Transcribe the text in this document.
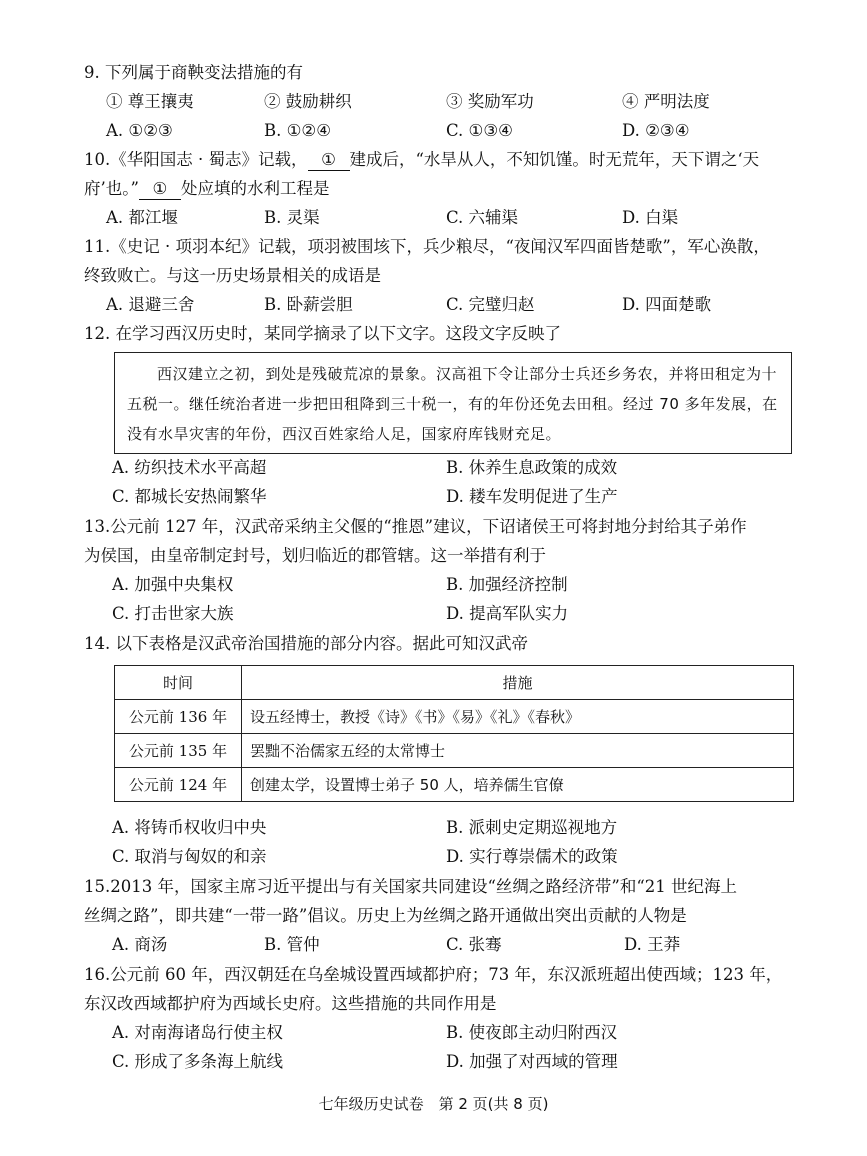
9. 下列属于商鞅变法措施的有
① 尊王攘夷	② 鼓励耕织	③ 奖励军功	④ 严明法度
A. ①②③	B. ①②④	C. ①③④	D. ②③④
10.《华阳国志 · 蜀志》记载， ① 建成后，“水旱从人，不知饥馑。时无荒年，天下谓之‘天
府’也。” ① 处应填的水利工程是
A. 都江堰	B. 灵渠	C. 六辅渠	D. 白渠
11.《史记 · 项羽本纪》记载，项羽被围垓下，兵少粮尽，“夜闻汉军四面皆楚歌”，军心涣散，
终致败亡。与这一历史场景相关的成语是
A. 退避三舍	B. 卧薪尝胆	C. 完璧归赵	D. 四面楚歌
12. 在学习西汉历史时，某同学摘录了以下文字。这段文字反映了

西汉建立之初，到处是残破荒凉的景象。汉高祖下令让部分士兵还乡务农，并将田租定为十五税一。继任统治者进一步把田租降到三十税一，有的年份还免去田租。经过 70 多年发展，在没有水旱灾害的年份，西汉百姓家给人足，国家府库钱财充足。

A. 纺织技术水平高超	B. 休养生息政策的成效
C. 都城长安热闹繁华	D. 耧车发明促进了生产
13.公元前 127 年，汉武帝采纳主父偃的“推恩”建议，下诏诸侯王可将封地分封给其子弟作
为侯国，由皇帝制定封号，划归临近的郡管辖。这一举措有利于
A. 加强中央集权	B. 加强经济控制
C. 打击世家大族	D. 提高军队实力
14. 以下表格是汉武帝治国措施的部分内容。据此可知汉武帝
时间	措施
公元前 136 年	设五经博士，教授《诗》《书》《易》《礼》《春秋》
公元前 135 年	罢黜不治儒家五经的太常博士
公元前 124 年	创建太学，设置博士弟子 50 人，培养儒生官僚
A. 将铸币权收归中央	B. 派刺史定期巡视地方
C. 取消与匈奴的和亲	D. 实行尊崇儒术的政策
15.2013 年，国家主席习近平提出与有关国家共同建设“丝绸之路经济带”和“21 世纪海上
丝绸之路”，即共建“一带一路”倡议。历史上为丝绸之路开通做出突出贡献的人物是
A. 商汤	B. 管仲	C. 张骞	D. 王莽
16.公元前 60 年，西汉朝廷在乌垒城设置西域都护府；73 年，东汉派班超出使西域；123 年，
东汉改西域都护府为西域长史府。这些措施的共同作用是
A. 对南海诸岛行使主权	B. 使夜郎主动归附西汉
C. 形成了多条海上航线	D. 加强了对西域的管理
七年级历史试卷　第 2 页(共 8 页)
